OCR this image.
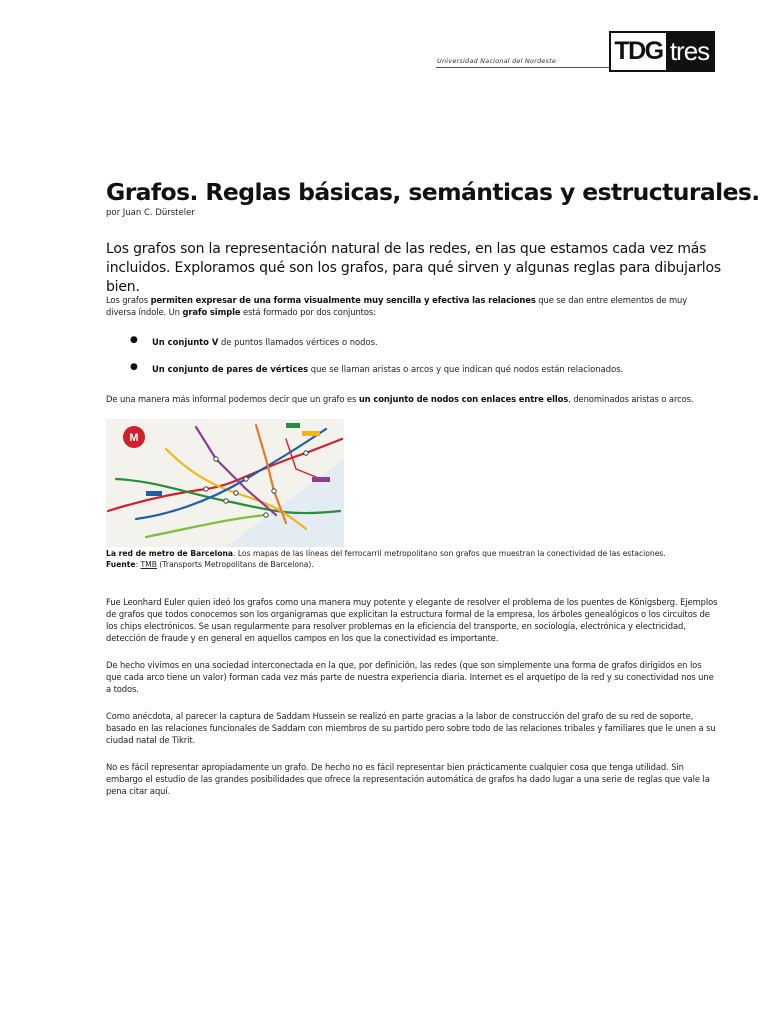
Universidad Nacional del Nordeste TDG tres
Grafos. Reglas básicas, semánticas y estructurales.
por Juan C. Dürsteler

Los grafos son la representación natural de las redes, en las que estamos cada vez más incluidos. Exploramos qué son los grafos, para qué sirven y algunas reglas para dibujarlos bien.

Los grafos permiten expresar de una forma visualmente muy sencilla y efectiva las relaciones que se dan entre elementos de muy diversa índole. Un grafo simple está formado por dos conjuntos:

● Un conjunto V de puntos llamados vértices o nodos.
● Un conjunto de pares de vértices que se llaman aristas o arcos y que indican qué nodos están relacionados.

De una manera más informal podemos decir que un grafo es un conjunto de nodos con enlaces entre ellos, denominados aristas o arcos.

M
La red de metro de Barcelona. Los mapas de las líneas del ferrocarril metropolitano son grafos que muestran la conectividad de las estaciones.
Fuente: TMB (Transports Metropolitans de Barcelona).

Fue Leonhard Euler quien ideó los grafos como una manera muy potente y elegante de resolver el problema de los puentes de Königsberg. Ejemplos de grafos que todos conocemos son los organigramas que explicitan la estructura formal de la empresa, los árboles genealógicos o los circuitos de los chips electrónicos. Se usan regularmente para resolver problemas en la eficiencia del transporte, en sociología, electrónica y electricidad, detección de fraude y en general en aquellos campos en los que la conectividad es importante.

De hecho vivimos en una sociedad interconectada en la que, por definición, las redes (que son simplemente una forma de grafos dirigidos en los que cada arco tiene un valor) forman cada vez más parte de nuestra experiencia diaria. Internet es el arquetipo de la red y su conectividad nos une a todos.

Como anécdota, al parecer la captura de Saddam Hussein se realizó en parte gracias a la labor de construcción del grafo de su red de soporte, basado en las relaciones funcionales de Saddam con miembros de su partido pero sobre todo de las relaciones tribales y familiares que le unen a su ciudad natal de Tikrit.

No es fácil representar apropiadamente un grafo. De hecho no es fácil representar bien prácticamente cualquier cosa que tenga utilidad. Sin embargo el estudio de las grandes posibilidades que ofrece la representación automática de grafos ha dado lugar a una serie de reglas que vale la pena citar aquí.
